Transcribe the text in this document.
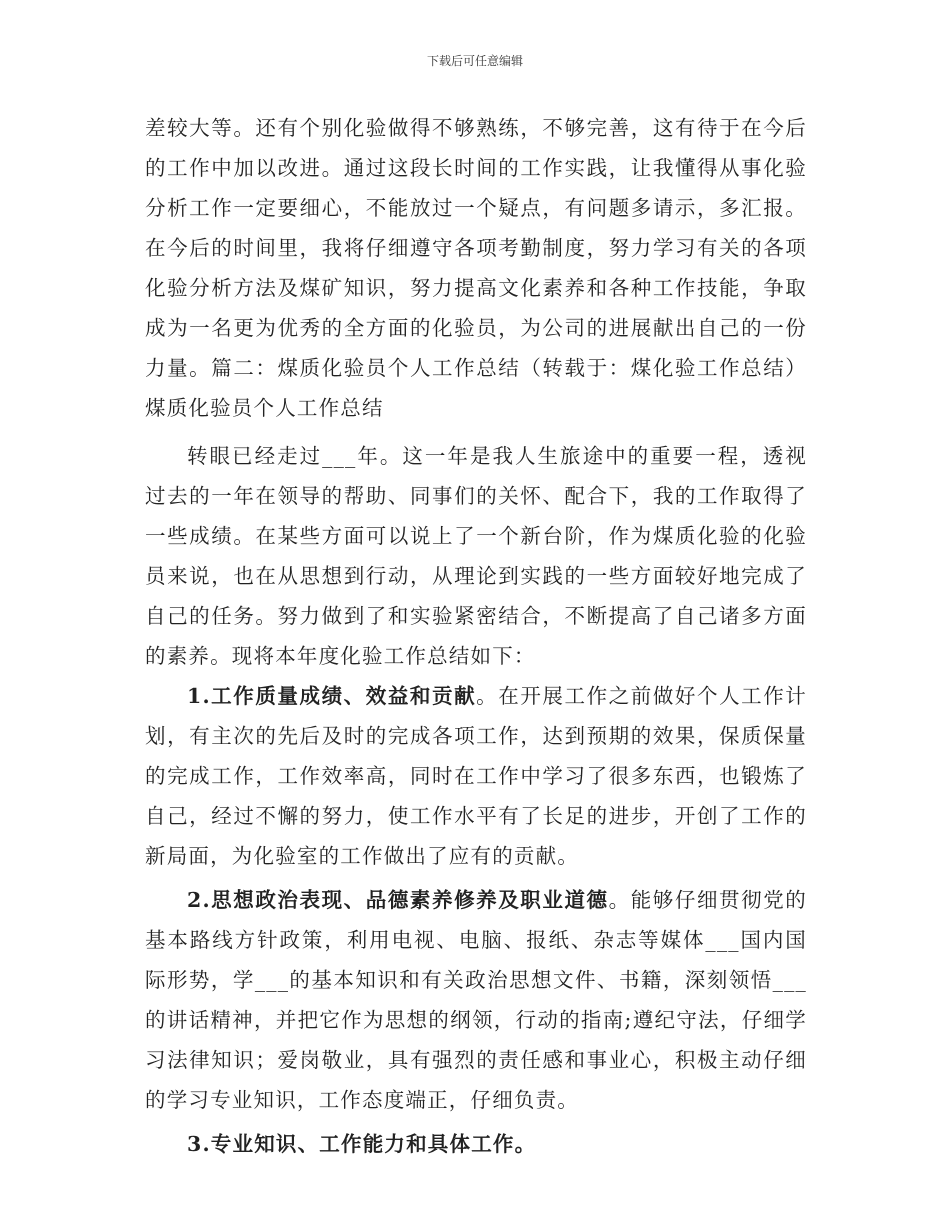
下载后可任意编辑

差较大等。还有个别化验做得不够熟练，不够完善，这有待于在今后的工作中加以改进。通过这段长时间的工作实践，让我懂得从事化验分析工作一定要细心，不能放过一个疑点，有问题多请示，多汇报。在今后的时间里，我将仔细遵守各项考勤制度，努力学习有关的各项化验分析方法及煤矿知识，努力提高文化素养和各种工作技能，争取成为一名更为优秀的全方面的化验员，为公司的进展献出自己的一份力量。篇二：煤质化验员个人工作总结（转载于：煤化验工作总结）煤质化验员个人工作总结

转眼已经走过___年。这一年是我人生旅途中的重要一程，透视过去的一年在领导的帮助、同事们的关怀、配合下，我的工作取得了一些成绩。在某些方面可以说上了一个新台阶，作为煤质化验的化验员来说，也在从思想到行动，从理论到实践的一些方面较好地完成了自己的任务。努力做到了和实验紧密结合，不断提高了自己诸多方面的素养。现将本年度化验工作总结如下：

1.工作质量成绩、效益和贡献。在开展工作之前做好个人工作计划，有主次的先后及时的完成各项工作，达到预期的效果，保质保量的完成工作，工作效率高，同时在工作中学习了很多东西，也锻炼了自己，经过不懈的努力，使工作水平有了长足的进步，开创了工作的新局面，为化验室的工作做出了应有的贡献。

2.思想政治表现、品德素养修养及职业道德。能够仔细贯彻党的基本路线方针政策，利用电视、电脑、报纸、杂志等媒体___国内国际形势，学___的基本知识和有关政治思想文件、书籍，深刻领悟___的讲话精神，并把它作为思想的纲领，行动的指南;遵纪守法，仔细学习法律知识；爱岗敬业，具有强烈的责任感和事业心，积极主动仔细的学习专业知识，工作态度端正，仔细负责。

3.专业知识、工作能力和具体工作。
